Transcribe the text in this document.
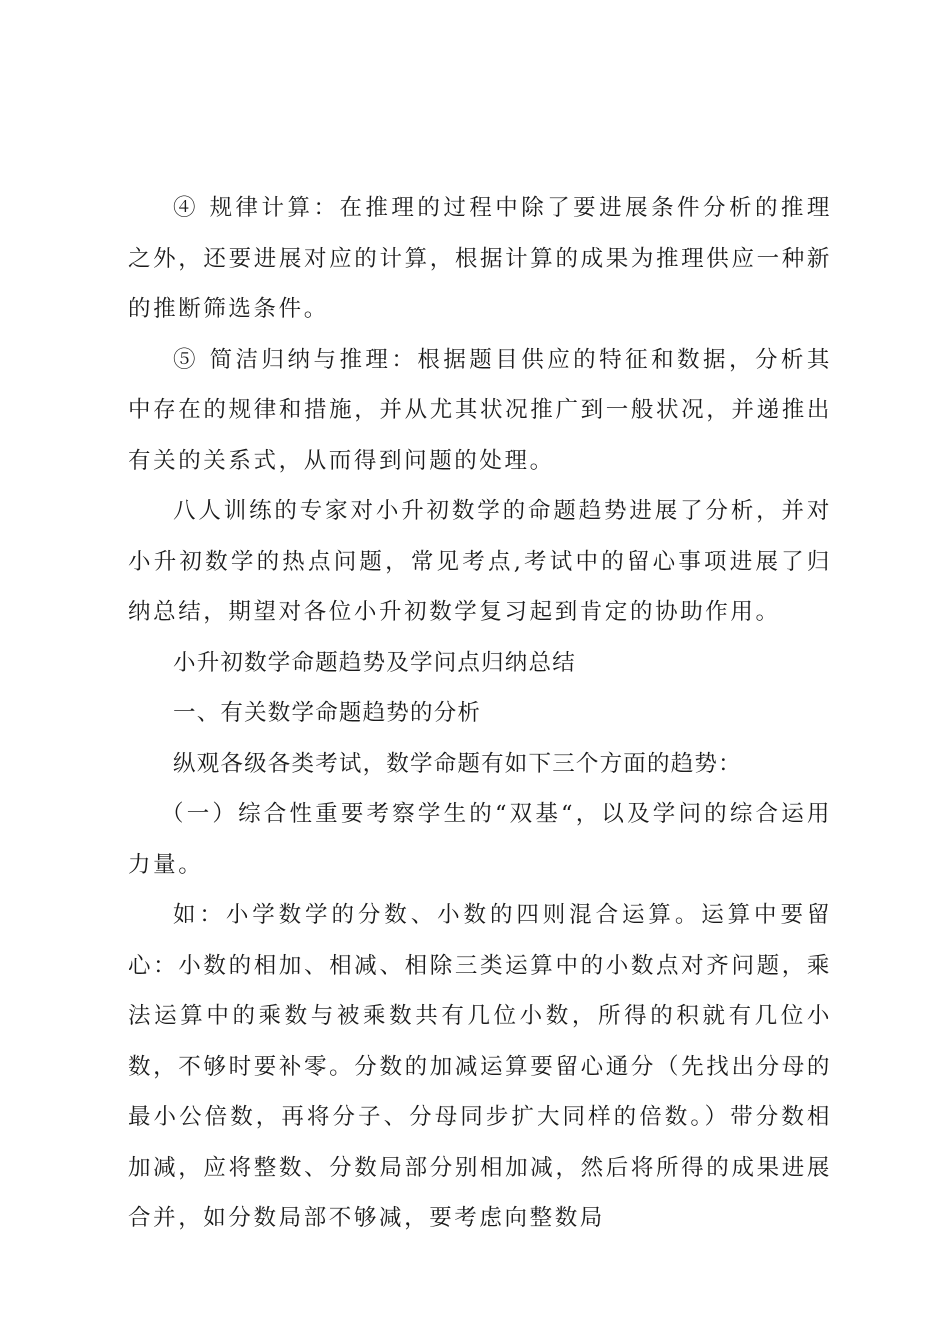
④ 规律计算：在推理的过程中除了要进展条件分析的推理之外，还要进展对应的计算，根据计算的成果为推理供应一种新的推断筛选条件。

⑤ 简洁归纳与推理：根据题目供应的特征和数据，分析其中存在的规律和措施，并从尤其状况推广到一般状况，并递推出有关的关系式，从而得到问题的处理。

八人训练的专家对小升初数学的命题趋势进展了分析，并对小升初数学的热点问题，常见考点,考试中的留心事项进展了归纳总结，期望对各位小升初数学复习起到肯定的协助作用。

小升初数学命题趋势及学问点归纳总结

一、有关数学命题趋势的分析

纵观各级各类考试，数学命题有如下三个方面的趋势：

（一）综合性重要考察学生的“双基“，以及学问的综合运用力量。

如：小学数学的分数、小数的四则混合运算。运算中要留心：小数的相加、相减、相除三类运算中的小数点对齐问题，乘法运算中的乘数与被乘数共有几位小数，所得的积就有几位小数，不够时要补零。分数的加减运算要留心通分（先找出分母的最小公倍数，再将分子、分母同步扩大同样的倍数。）带分数相加减，应将整数、分数局部分别相加减，然后将所得的成果进展合并，如分数局部不够减，要考虑向整数局
